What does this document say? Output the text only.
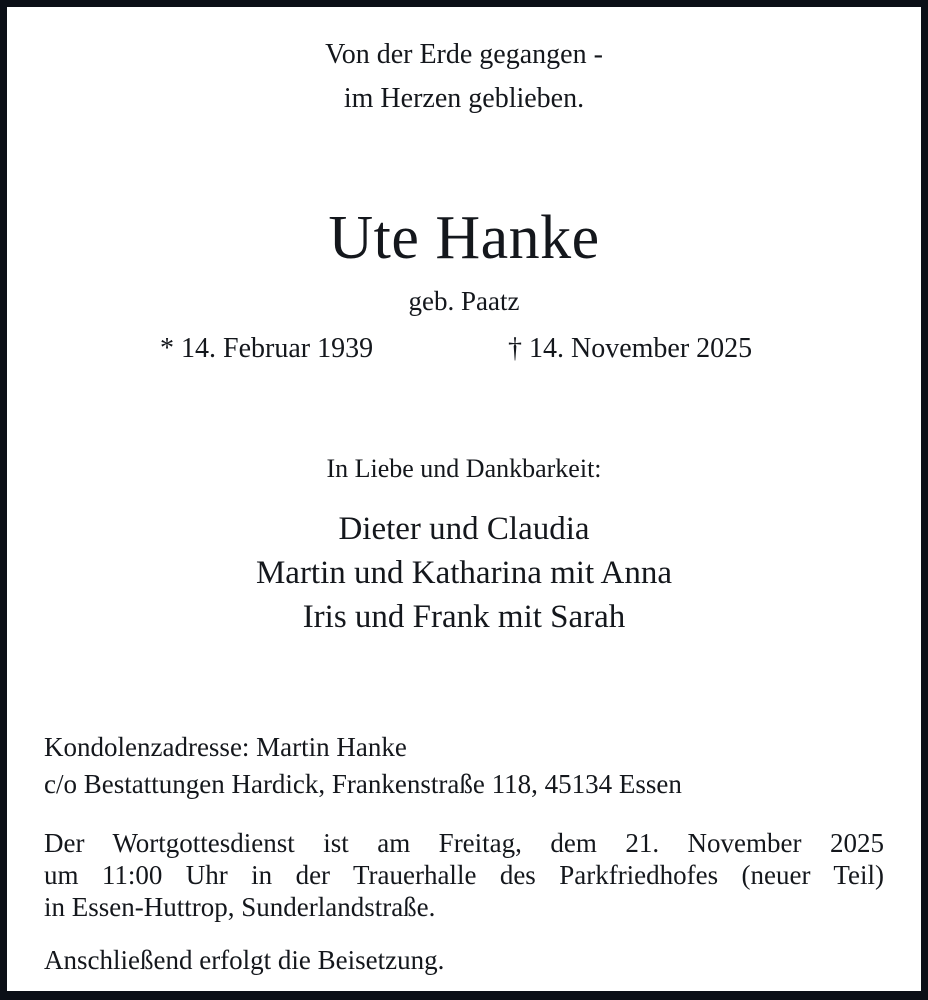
Von der Erde gegangen -
im Herzen geblieben.
Ute Hanke
geb. Paatz
* 14. Februar 1939	† 14. November 2025
In Liebe und Dankbarkeit:
Dieter und Claudia
Martin und Katharina mit Anna
Iris und Frank mit Sarah
Kondolenzadresse: Martin Hanke
c/o Bestattungen Hardick, Frankenstraße 118, 45134 Essen
Der Wortgottesdienst ist am Freitag, dem 21. November 2025
um 11:00 Uhr in der Trauerhalle des Parkfriedhofes (neuer Teil)
in Essen-Huttrop, Sunderlandstraße.
Anschließend erfolgt die Beisetzung.
